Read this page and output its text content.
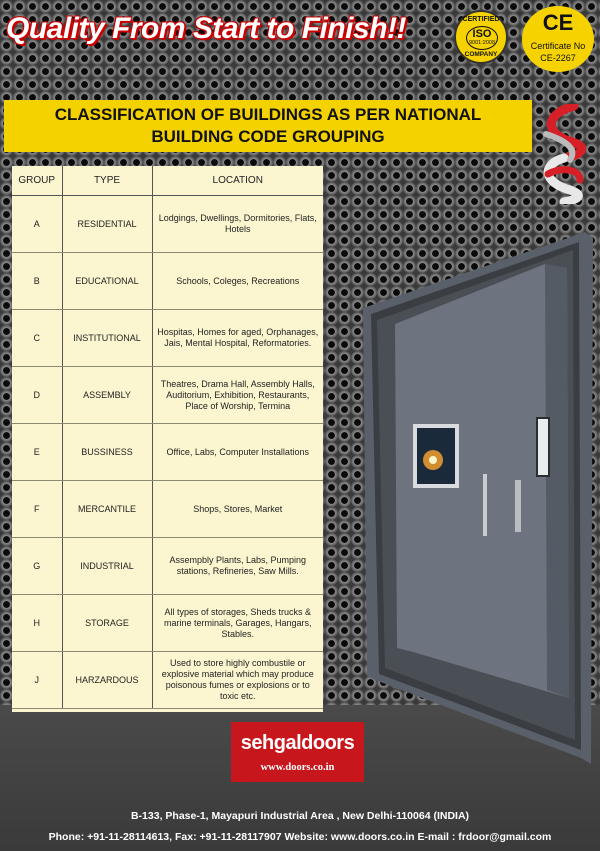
Quality From Start to Finish!!	CERTIFIED
ISO
9001:2008
COMPANY
CE
Certificate No
CE-2267
CLASSIFICATION OF BUILDINGS AS PER NATIONAL
BUILDING CODE GROUPING
GROUP	TYPE	LOCATION
A	RESIDENTIAL	Lodgings, Dwellings, Dormitories, Flats, Hotels
B	EDUCATIONAL	Schools, Coleges, Recreations
C	INSTITUTIONAL	Hospitas, Homes for aged, Orphanages, Jais, Mental Hospital, Reformatories.
D	ASSEMBLY	Theatres, Drama Hall, Assembly Halls, Auditorium, Exhibition, Restaurants, Place of Worship, Termina
E	BUSSINESS	Office, Labs, Computer Installations
F	MERCANTILE	Shops, Stores, Market
G	INDUSTRIAL	Assempbly Plants, Labs, Pumping stations, Refineries, Saw Mills.
H	STORAGE	All types of storages, Sheds trucks & marine terminals, Garages, Hangars, Stables.
J	HARZARDOUS	Used to store highly combustile or explosive material which may produce poisonous fumes or explosions or to toxic etc.
sehgaldoors
www.doors.co.in
B-133, Phase-1, Mayapuri Industrial Area , New Delhi-110064 (INDIA)
Phone: +91-11-28114613, Fax: +91-11-28117907 Website: www.doors.co.in E-mail : frdoor@gmail.com
